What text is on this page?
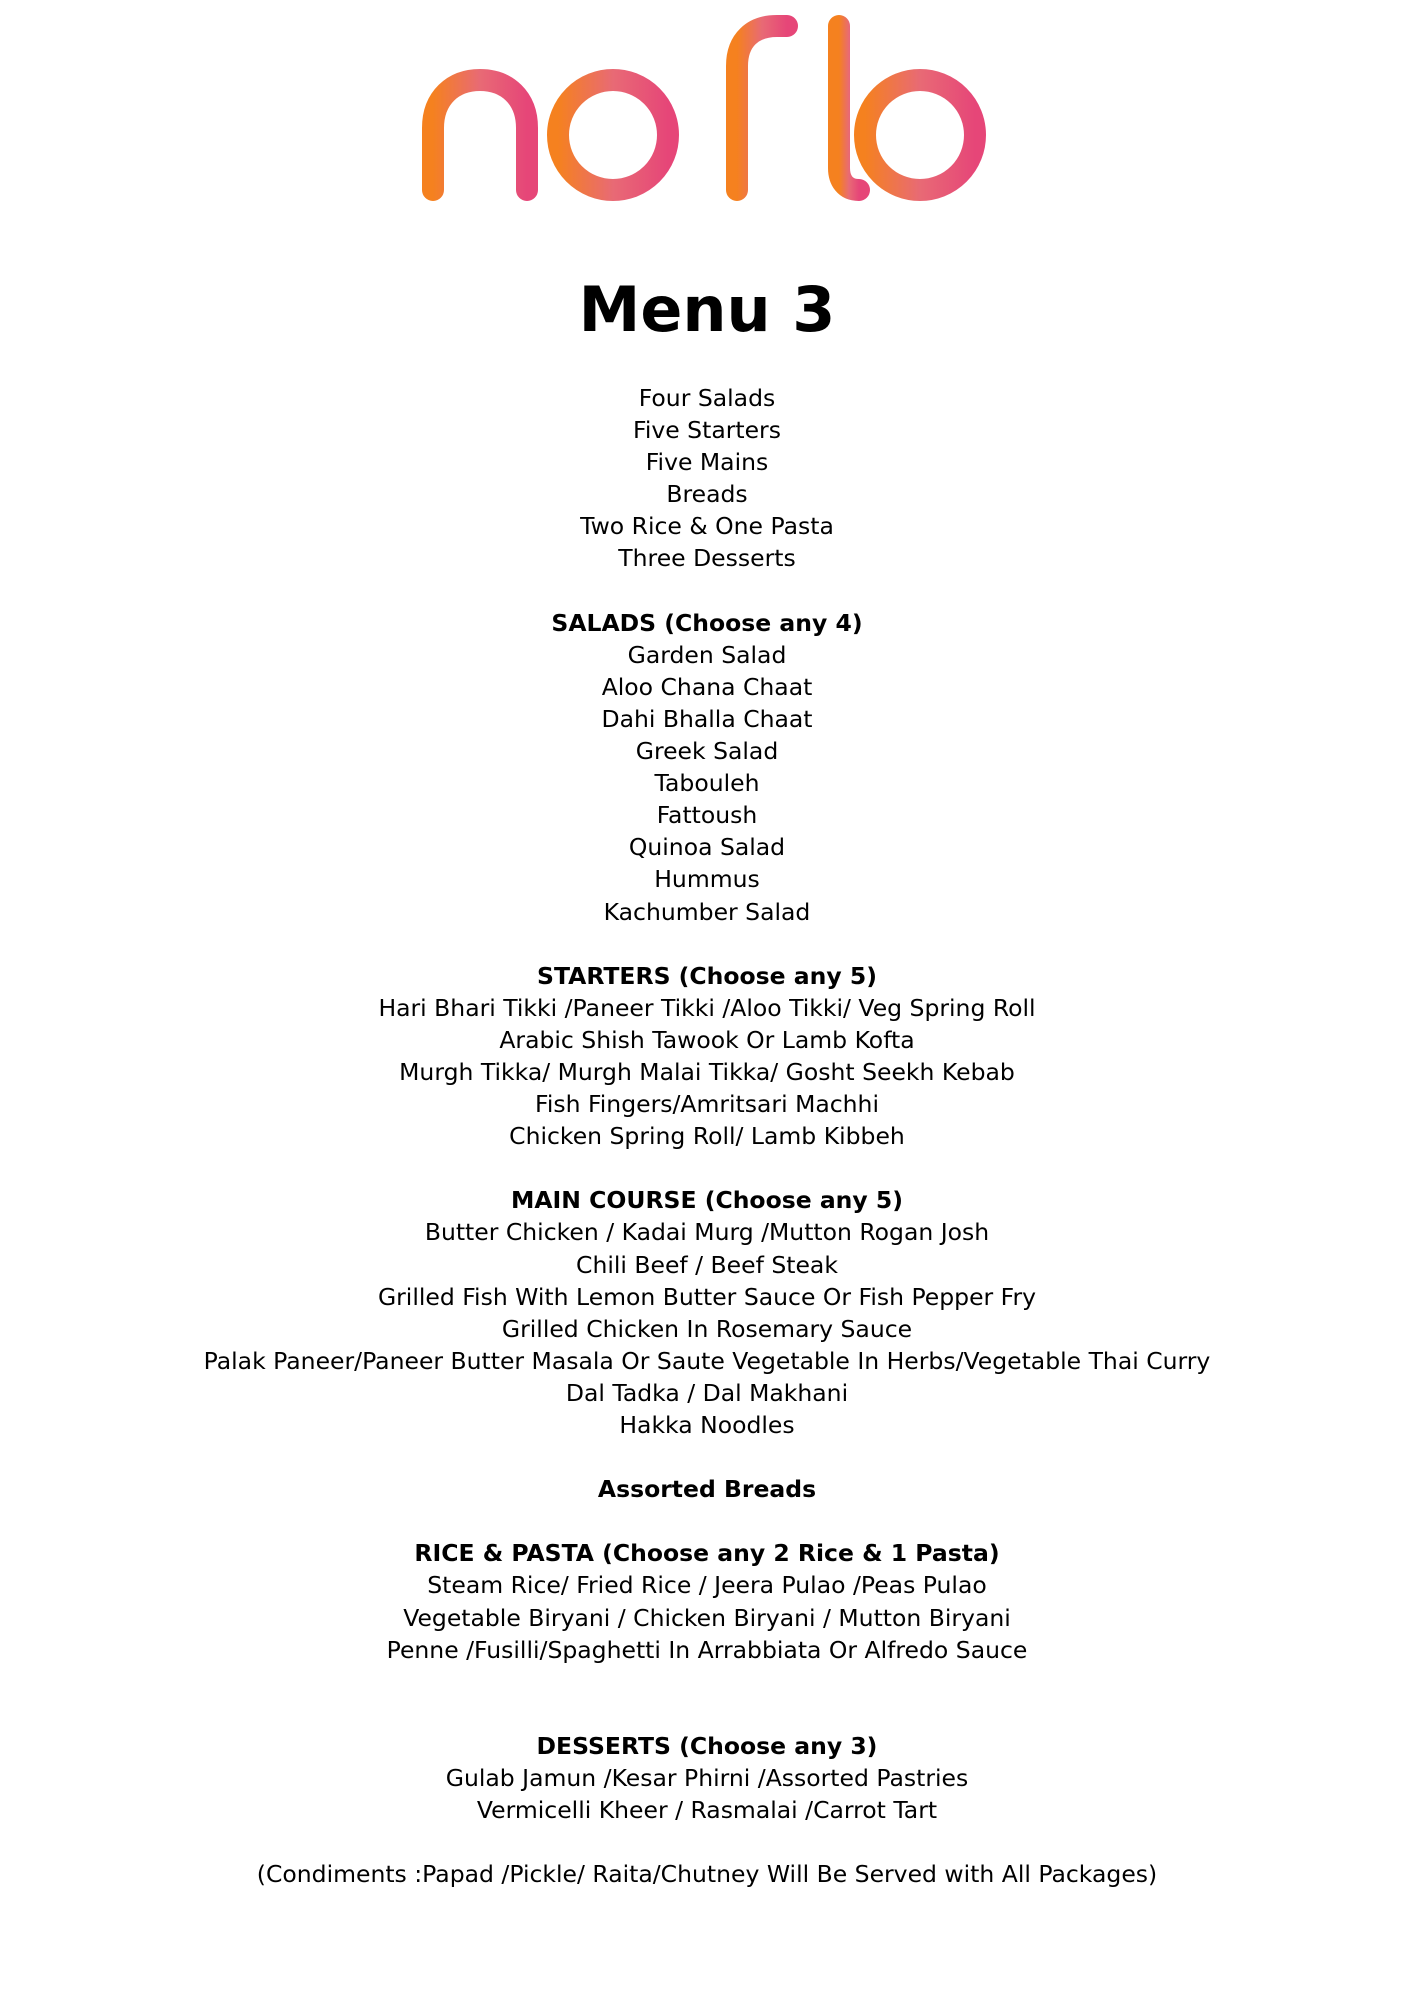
Menu 3
Four Salads
Five Starters
Five Mains
Breads
Two Rice & One Pasta
Three Desserts
SALADS (Choose any 4)
Garden Salad
Aloo Chana Chaat
Dahi Bhalla Chaat
Greek Salad
Tabouleh
Fattoush
Quinoa Salad
Hummus
Kachumber Salad
STARTERS (Choose any 5)
Hari Bhari Tikki /Paneer Tikki /Aloo Tikki/ Veg Spring Roll
Arabic Shish Tawook Or Lamb Kofta
Murgh Tikka/ Murgh Malai Tikka/ Gosht Seekh Kebab
Fish Fingers/Amritsari Machhi
Chicken Spring Roll/ Lamb Kibbeh
MAIN COURSE (Choose any 5)
Butter Chicken / Kadai Murg /Mutton Rogan Josh
Chili Beef / Beef Steak
Grilled Fish With Lemon Butter Sauce Or Fish Pepper Fry
Grilled Chicken In Rosemary Sauce
Palak Paneer/Paneer Butter Masala Or Saute Vegetable In Herbs/Vegetable Thai Curry
Dal Tadka / Dal Makhani
Hakka Noodles
Assorted Breads
RICE & PASTA (Choose any 2 Rice & 1 Pasta)
Steam Rice/ Fried Rice / Jeera Pulao /Peas Pulao
Vegetable Biryani / Chicken Biryani / Mutton Biryani
Penne /Fusilli/Spaghetti In Arrabbiata Or Alfredo Sauce
DESSERTS (Choose any 3)
Gulab Jamun /Kesar Phirni /Assorted Pastries
Vermicelli Kheer / Rasmalai /Carrot Tart
(Condiments :Papad /Pickle/ Raita/Chutney Will Be Served with All Packages)
